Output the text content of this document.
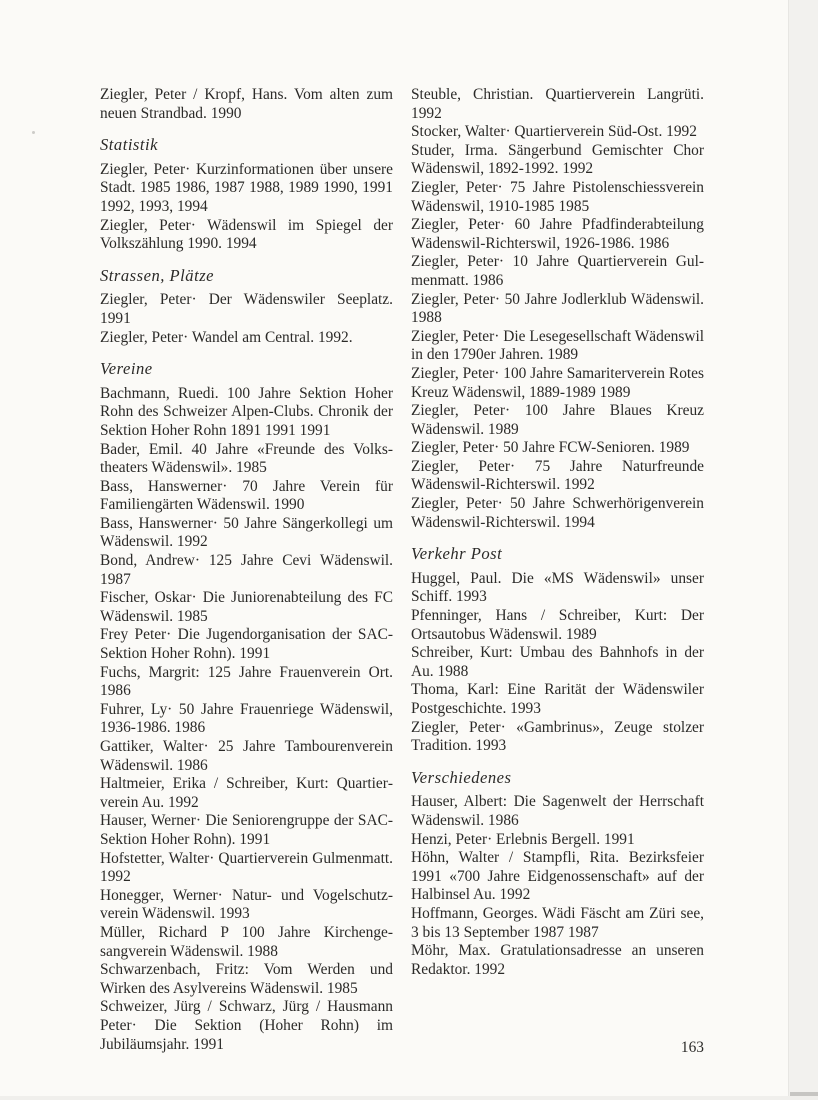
Ziegler, Peter / Kropf, Hans. Vom alten zum neuen Strandbad. 1990
Statistik
Ziegler, Peter· Kurzinformationen über unsere Stadt. 1985 1986, 1987 1988, 1989 1990, 1991 1992, 1993, 1994
Ziegler, Peter· Wädenswil im Spiegel der Volkszählung 1990. 1994
Strassen, Plätze
Ziegler, Peter· Der Wädenswiler Seeplatz. 1991
Ziegler, Peter· Wandel am Central. 1992.
Vereine
Bachmann, Ruedi. 100 Jahre Sektion Hoher Rohn des Schweizer Alpen-Clubs. Chronik der Sektion Hoher Rohn 1891 1991 1991
Bader, Emil. 40 Jahre «Freunde des Volkstheaters Wädenswil». 1985
Bass, Hanswerner· 70 Jahre Verein für Familiengärten Wädenswil. 1990
Bass, Hanswerner· 50 Jahre Sängerkollegi um Wädenswil. 1992
Bond, Andrew· 125 Jahre Cevi Wädenswil. 1987
Fischer, Oskar· Die Juniorenabteilung des FC Wädenswil. 1985
Frey Peter· Die Jugendorganisation der SAC-Sektion Hoher Rohn). 1991
Fuchs, Margrit: 125 Jahre Frauenverein Ort. 1986
Fuhrer, Ly· 50 Jahre Frauenriege Wädenswil, 1936-1986. 1986
Gattiker, Walter· 25 Jahre Tambourenverein Wädenswil. 1986
Haltmeier, Erika / Schreiber, Kurt: Quartierverein Au. 1992
Hauser, Werner· Die Seniorengruppe der SAC-Sektion Hoher Rohn). 1991
Hofstetter, Walter· Quartierverein Gulmenmatt. 1992
Honegger, Werner· Natur- und Vogelschutzverein Wädenswil. 1993
Müller, Richard P 100 Jahre Kirchengesangverein Wädenswil. 1988
Schwarzenbach, Fritz: Vom Werden und Wirken des Asylvereins Wädenswil. 1985
Schweizer, Jürg / Schwarz, Jürg / Hausmann Peter· Die Sektion (Hoher Rohn) im Jubiläumsjahr. 1991
Steuble, Christian. Quartierverein Langrüti. 1992
Stocker, Walter· Quartierverein Süd-Ost. 1992
Studer, Irma. Sängerbund Gemischter Chor Wädenswil, 1892-1992. 1992
Ziegler, Peter· 75 Jahre Pistolenschiessverein Wädenswil, 1910-1985 1985
Ziegler, Peter· 60 Jahre Pfadfinderabteilung Wädenswil-Richterswil, 1926-1986. 1986
Ziegler, Peter· 10 Jahre Quartierverein Gulmenmatt. 1986
Ziegler, Peter· 50 Jahre Jodlerklub Wädenswil. 1988
Ziegler, Peter· Die Lesegesellschaft Wädenswil in den 1790er Jahren. 1989
Ziegler, Peter· 100 Jahre Samariterverein Rotes Kreuz Wädenswil, 1889-1989 1989
Ziegler, Peter· 100 Jahre Blaues Kreuz Wädenswil. 1989
Ziegler, Peter· 50 Jahre FCW-Senioren. 1989
Ziegler, Peter· 75 Jahre Naturfreunde Wädenswil-Richterswil. 1992
Ziegler, Peter· 50 Jahre Schwerhörigenverein Wädenswil-Richterswil. 1994
Verkehr Post
Huggel, Paul. Die «MS Wädenswil» unser Schiff. 1993
Pfenninger, Hans / Schreiber, Kurt: Der Ortsautobus Wädenswil. 1989
Schreiber, Kurt: Umbau des Bahnhofs in der Au. 1988
Thoma, Karl: Eine Rarität der Wädenswiler Postgeschichte. 1993
Ziegler, Peter· «Gambrinus», Zeuge stolzer Tradition. 1993
Verschiedenes
Hauser, Albert: Die Sagenwelt der Herrschaft Wädenswil. 1986
Henzi, Peter· Erlebnis Bergell. 1991
Höhn, Walter / Stampfli, Rita. Bezirksfeier 1991 «700 Jahre Eidgenossenschaft» auf der Halbinsel Au. 1992
Hoffmann, Georges. Wädi Fäscht am Züri see, 3 bis 13 September 1987 1987
Möhr, Max. Gratulationsadresse an unseren Redaktor. 1992
163
